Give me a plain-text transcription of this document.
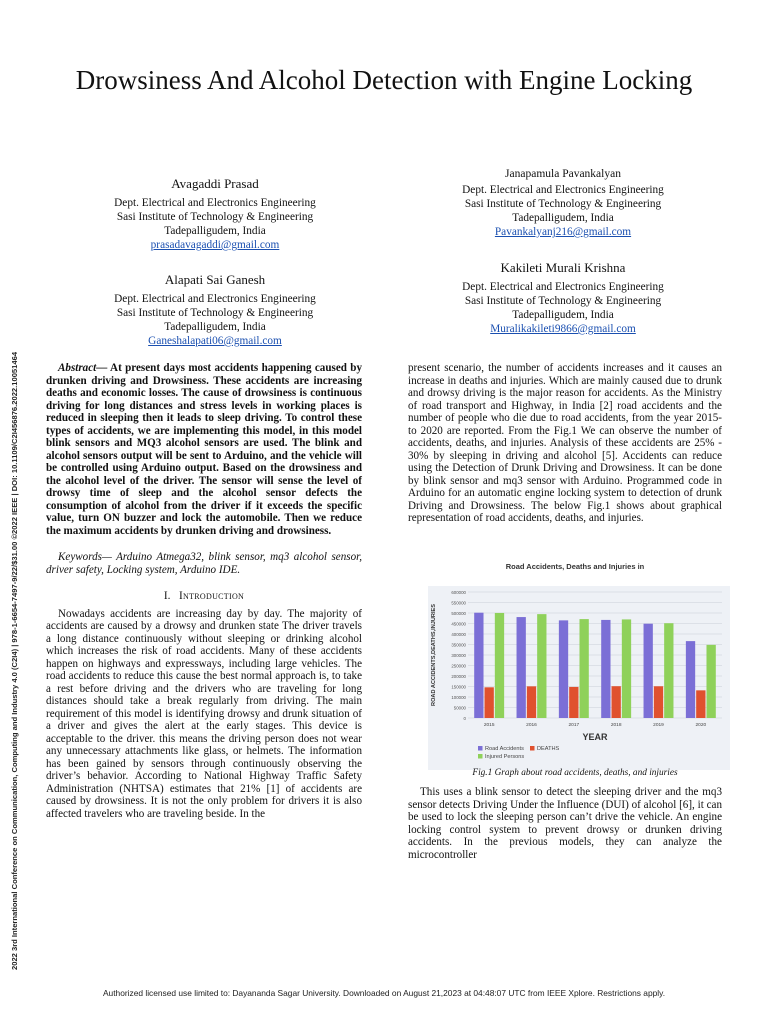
2022 3rd International Conference on Communication, Computing and Industry 4.0 (C2I4) | 978-1-6654-7497-9/22/$31.00 ©2022 IEEE | DOI: 10.1109/C2I456876.2022.10051464
Drowsiness And Alcohol Detection with Engine Locking
Avagaddi Prasad
Dept. Electrical and Electronics Engineering
Sasi Institute of Technology & Engineering
Tadepalligudem, India
prasadavagaddi@gmail.com
Janapamula Pavankalyan
Dept. Electrical and Electronics Engineering
Sasi Institute of Technology & Engineering
Tadepalligudem, India
Pavankalyanj216@gmail.com
Alapati Sai Ganesh
Dept. Electrical and Electronics Engineering
Sasi Institute of Technology & Engineering
Tadepalligudem, India
Ganeshalapati06@gmail.com
Kakileti Murali Krishna
Dept. Electrical and Electronics Engineering
Sasi Institute of Technology & Engineering
Tadepalligudem, India
Muralikakileti9866@gmail.com

Abstract— At present days most accidents happening caused by drunken driving and Drowsiness. These accidents are increasing deaths and economic losses. The cause of drowsiness is continuous driving for long distances and stress levels in working places is reduced in sleeping then it leads to sleep driving. To control these types of accidents, we are implementing this model, in this model blink sensors and MQ3 alcohol sensors are used. The blink and alcohol sensors output will be sent to Arduino, and the vehicle will be controlled using Arduino output. Based on the drowsiness and the alcohol level of the driver. The sensor will sense the level of drowsy time of sleep and the alcohol sensor defects the consumption of alcohol from the driver if it exceeds the specific value, turn ON buzzer and lock the automobile. Then we reduce the maximum accidents by drunken driving and drowsiness.

Keywords— Arduino Atmega32, blink sensor, mq3 alcohol sensor, driver safety, Locking system, Arduino IDE.

I. Introduction

Nowadays accidents are increasing day by day. The majority of accidents are caused by a drowsy and drunken state The driver travels a long distance continuously without sleeping or drinking alcohol which increases the risk of road accidents. Many of these accidents happen on highways and expressways, including large vehicles. The road accidents to reduce this cause the best normal approach is, to take a rest before driving and the drivers who are traveling for long distances should take a break regularly from driving. The main requirement of this model is identifying drowsy and drunk situation of a driver and gives the alert at the early stages. This device is acceptable to the driver. this means the driving person does not wear any unnecessary attachments like glass, or helmets. The information has been gained by sensors through continuously observing the driver’s behavior. According to National Highway Traffic Safety Administration (NHTSA) estimates that 21% [1] of accidents are caused by drowsiness. It is not the only problem for drivers it is also affected travelers who are traveling beside. In the

present scenario, the number of accidents increases and it causes an increase in deaths and injuries. Which are mainly caused due to drunk and drowsy driving is the major reason for accidents. As the Ministry of road transport and Highway, in India [2] road accidents and the number of people who die due to road accidents, from the year 2015-to 2020 are reported. From the Fig.1 We can observe the number of accidents, deaths, and injuries. Analysis of these accidents are 25% - 30% by sleeping in driving and alcohol [5]. Accidents can reduce using the Detection of Drunk Driving and Drowsiness. It can be done by blink sensor and mq3 sensor with Arduino. Programmed code in Arduino for an automatic engine locking system to detection of drunk Driving and Drowsiness. The below Fig.1 shows about graphical representation of road accidents, deaths, and injuries.

Road Accidents, Deaths and Injuries in
0
50000
100000
150000
200000
250000
300000
350000
400000
450000
500000
550000
600000
ROAD ACCIDENTS,DEATHS,INJURIES
2015	2016	2017	2018	2019	2020
YEAR
Road Accidents DEATHS
Injured Persons
Fig.1 Graph about road accidents, deaths, and injuries

This uses a blink sensor to detect the sleeping driver and the mq3 sensor detects Driving Under the Influence (DUI) of alcohol [6], it can be used to lock the sleeping person can’t drive the vehicle. An engine locking control system to prevent drowsy or drunken driving accidents. In the previous models, they can analyze the microcontroller

Authorized licensed use limited to: Dayananda Sagar University. Downloaded on August 21,2023 at 04:48:07 UTC from IEEE Xplore. Restrictions apply.
